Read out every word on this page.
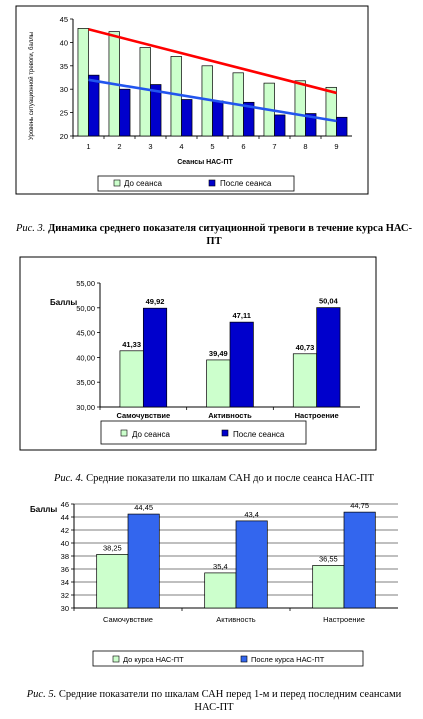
Уровень ситуационной тревоги, баллы	20
25
30
35
40
45
1	2	3	4	5	6	7	8	9
Сеансы НАС-ПТ
До сеанса	После сеанса
Рис. 3. Динамика среднего показателя ситуационной тревоги в течение курса НАС-ПТ
Баллы
30,00
35,00
40,00
45,00
50,00
55,00
41,33
49,92
Самочувствие
39,49
47,11
Активность
40,73
50,04
Настроение
До сеанса	После сеанса
Рис. 4. Средние показатели по шкалам САН до и после сеанса НАС-ПТ
Баллы
30
32
34
36
38
40
42
44
46
38,25
44,45
Самочувствие
35,4
43,4
Активность
36,55
44,75
Настроение
До курса НАС-ПТ	После курса НАС-ПТ
Рис. 5. Средние показатели по шкалам САН перед 1-м и перед последним сеансами НАС-ПТ
